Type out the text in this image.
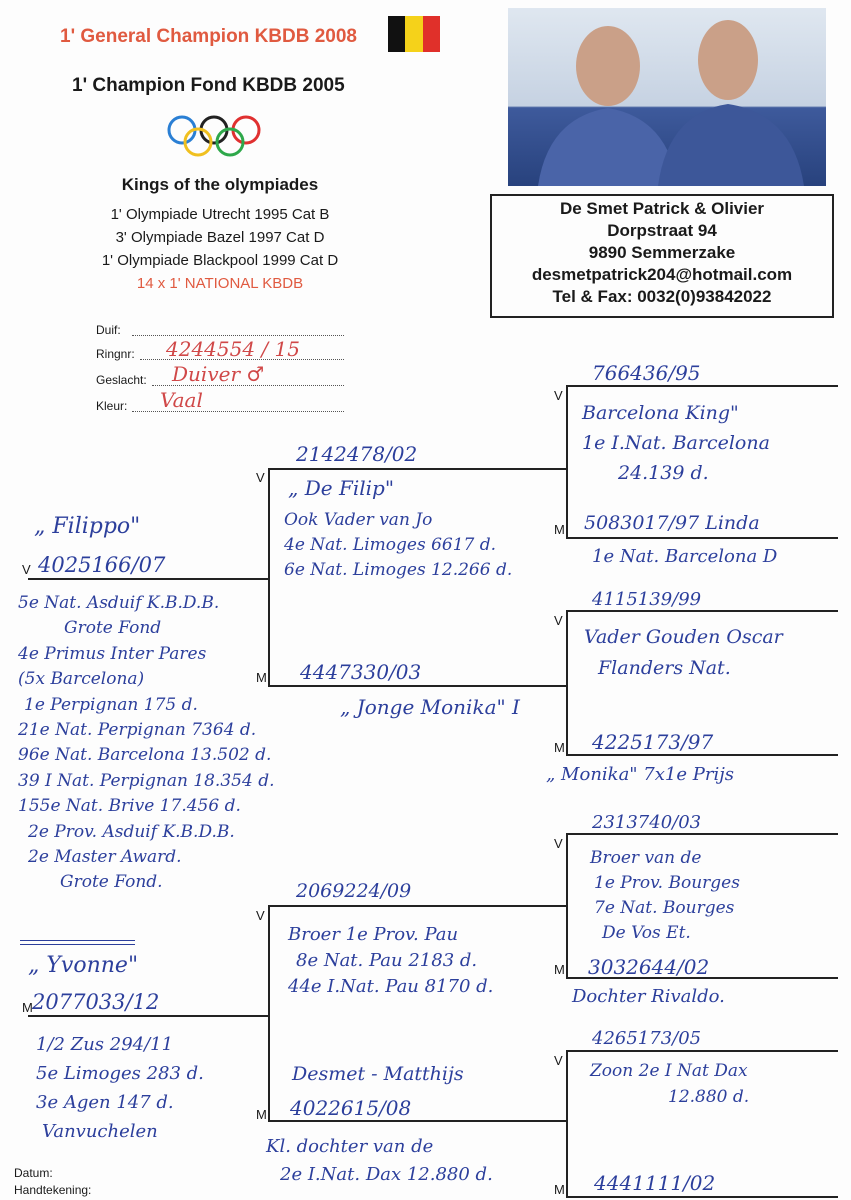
1' General Champion KBDB 2008
1' Champion Fond KBDB 2005
Kings of the olympiades
1' Olympiade Utrecht 1995 Cat B
3' Olympiade Bazel 1997 Cat D
1' Olympiade Blackpool 1999 Cat D
14 x 1' NATIONAL KBDB
De Smet Patrick & Olivier
Dorpstraat 94
9890 Semmerzake
desmetpatrick204@hotmail.com
Tel & Fax: 0032(0)93842022
Duif:
Ringnr: 4244554 / 15
Geslacht: Duiver ♂
Kleur: Vaal
V
M
V
M
V
M
V
M
V
M
V
M
V
M
„ Filippo"
4025166/07
5e Nat. Asduif K.B.D.B.
Grote Fond
4e Primus Inter Pares
(5x Barcelona)
1e Perpignan 175 d.
21e Nat. Perpignan 7364 d.
96e Nat. Barcelona 13.502 d.
39 I Nat. Perpignan 18.354 d.
155e Nat. Brive 17.456 d.
2e Prov. Asduif K.B.D.B.
2e Master Award.
Grote Fond.
„ Yvonne"
2077033/12
1/2 Zus 294/11
5e Limoges 283 d.
3e Agen 147 d.
Vanvuchelen
2142478/02
„ De Filip"
Ook Vader van Jo
4e Nat. Limoges 6617 d.
6e Nat. Limoges 12.266 d.
4447330/03
„ Jonge Monika" I
2069224/09
Broer 1e Prov. Pau
8e Nat. Pau 2183 d.
44e I.Nat. Pau 8170 d.
Desmet - Matthijs
4022615/08
Kl. dochter van de
2e I.Nat. Dax 12.880 d.
766436/95
Barcelona King"
1e I.Nat. Barcelona
24.139 d.
5083017/97 Linda
1e Nat. Barcelona D
4115139/99
Vader Gouden Oscar
Flanders Nat.
4225173/97
„ Monika" 7x1e Prijs
2313740/03
Broer van de
1e Prov. Bourges
7e Nat. Bourges
De Vos Et.
3032644/02
Dochter Rivaldo.
4265173/05
Zoon 2e I Nat Dax
12.880 d.
4441111/02
Datum:
Handtekening:
